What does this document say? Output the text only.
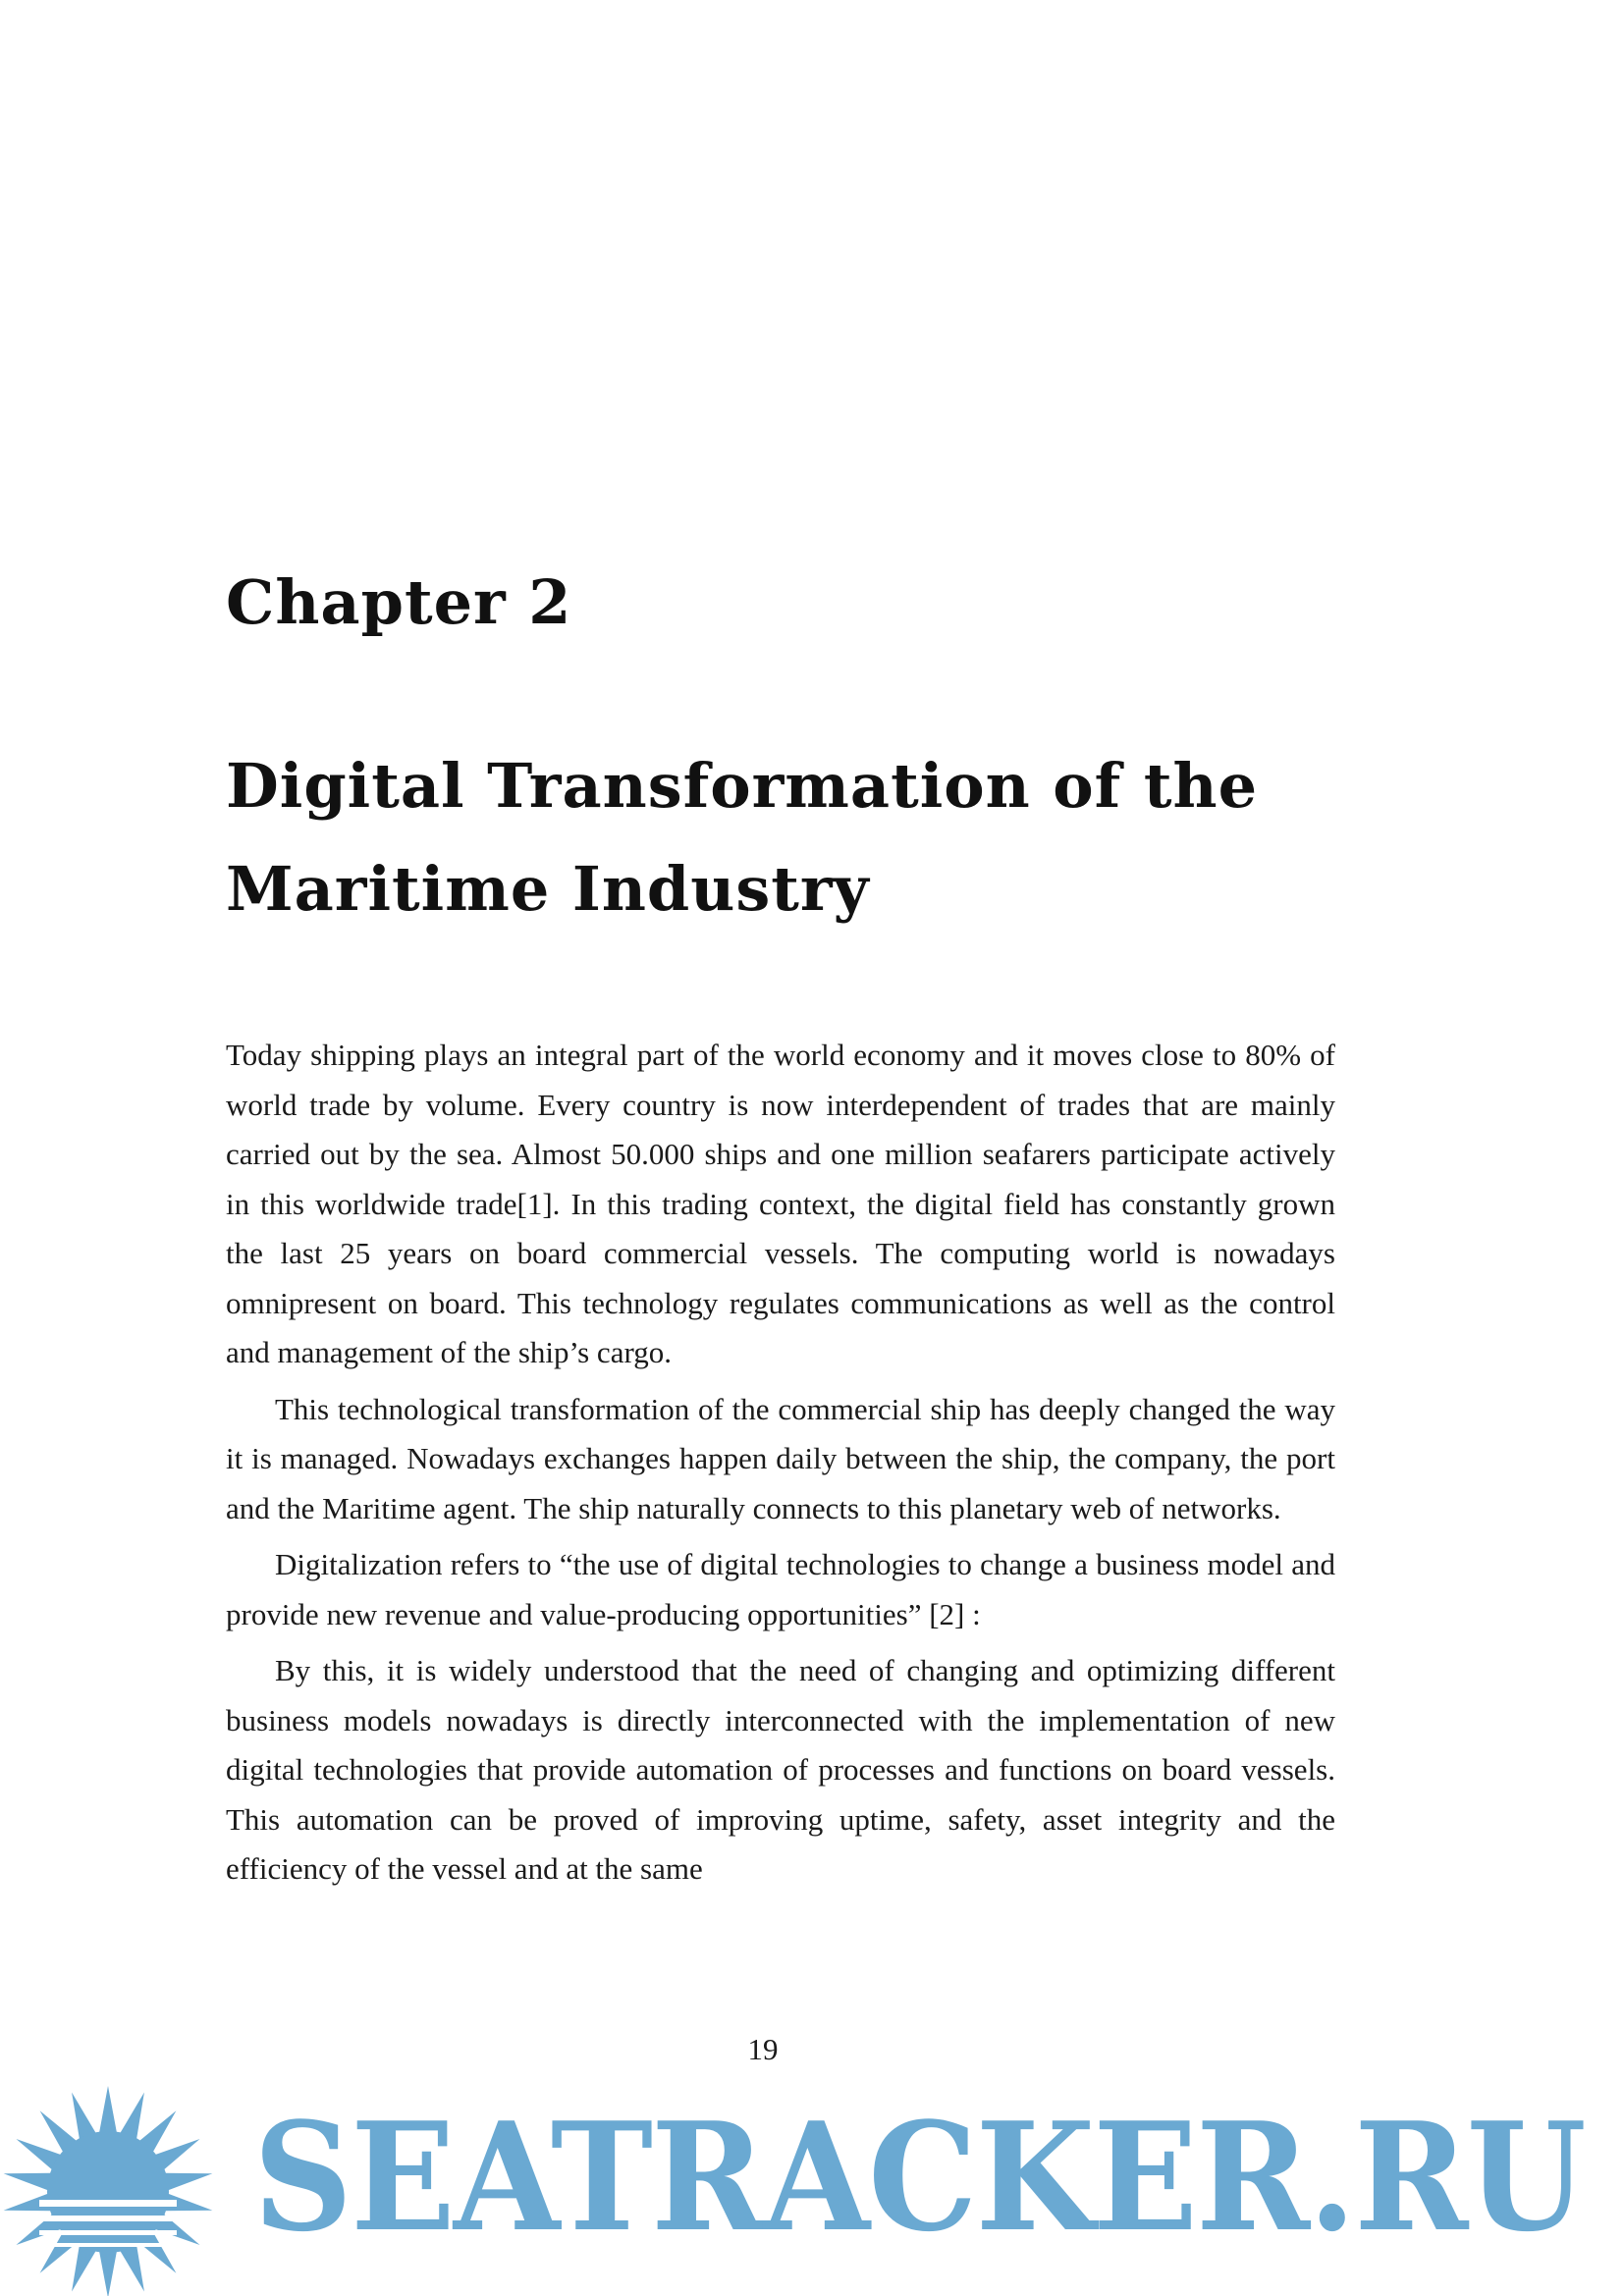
Chapter 2
Digital Transformation of the
Maritime Industry

Today shipping plays an integral part of the world economy and it moves close to 80% of world trade by volume. Every country is now interdependent of trades that are mainly carried out by the sea. Almost 50.000 ships and one million seafarers participate actively in this worldwide trade[1]. In this trading context, the digital field has constantly grown the last 25 years on board commercial vessels. The computing world is nowadays omnipresent on board. This technology regulates communications as well as the control and management of the ship’s cargo.

This technological transformation of the commercial ship has deeply changed the way it is managed. Nowadays exchanges happen daily between the ship, the company, the port and the Maritime agent. The ship naturally connects to this planetary web of networks.

Digitalization refers to “the use of digital technologies to change a business model and provide new revenue and value-producing opportunities” [2] :

By this, it is widely understood that the need of changing and optimizing different business models nowadays is directly interconnected with the implementation of new digital technologies that provide automation of processes and functions on board vessels. This automation can be proved of improving uptime, safety, asset integrity and the efficiency of the vessel and at the same

19
SEATRACKER.RU
